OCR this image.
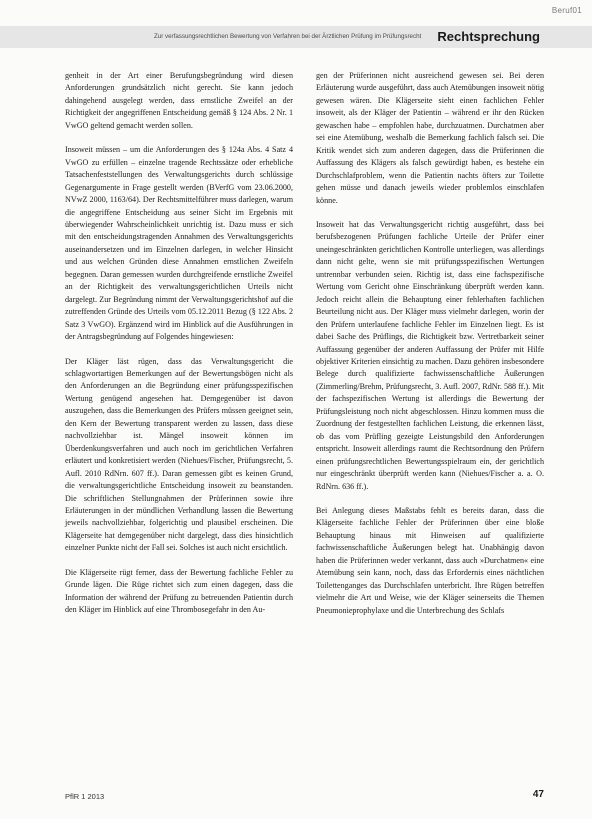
Beruf01
Zur verfassungsrechtlichen Bewertung von Verfahren bei der Ärztlichen Prüfung im Prüfungsrecht Rechtsprechung

genheit in der Art einer Berufungsbegründung wird diesen Anforderungen grundsätzlich nicht gerecht. Sie kann jedoch dahingehend ausgelegt werden, dass ernstliche Zweifel an der Richtigkeit der angegriffenen Entscheidung gemäß § 124 Abs. 2 Nr. 1 VwGO geltend gemacht werden sollen.

Insoweit müssen – um die Anforderungen des § 124a Abs. 4 Satz 4 VwGO zu erfüllen – einzelne tragende Rechtssätze oder erhebliche Tatsachenfeststellungen des Verwaltungsgerichts durch schlüssige Gegenargumente in Frage gestellt werden (BVerfG vom 23.06.2000, NVwZ 2000, 1163/64). Der Rechtsmittelführer muss darlegen, warum die angegriffene Entscheidung aus seiner Sicht im Ergebnis mit überwiegender Wahrscheinlichkeit unrichtig ist. Dazu muss er sich mit den entscheidungstragenden Annahmen des Verwaltungsgerichts auseinandersetzen und im Einzelnen darlegen, in welcher Hinsicht und aus welchen Gründen diese Annahmen ernstlichen Zweifeln begegnen. Daran gemessen wurden durchgreifende ernstliche Zweifel an der Richtigkeit des verwaltungsgerichtlichen Urteils nicht dargelegt. Zur Begründung nimmt der Verwaltungsgerichtshof auf die zutreffenden Gründe des Urteils vom 05.12.2011 Bezug (§ 122 Abs. 2 Satz 3 VwGO). Ergänzend wird im Hinblick auf die Ausführungen in der Antragsbegründung auf Folgendes hingewiesen:

Der Kläger läst rügen, dass das Verwaltungsgericht die schlagwortartigen Bemerkungen auf der Bewertungsbögen nicht als den Anforderungen an die Begründung einer prüfungsspezifischen Wertung genügend angesehen hat. Demgegenüber ist davon auszugehen, dass die Bemerkungen des Prüfers müssen geeignet sein, den Kern der Bewertung transparent werden zu lassen, dass diese nachvollziehbar ist. Mängel insoweit können im Überdenkungsverfahren und auch noch im gerichtlichen Verfahren erläutert und konkretisiert werden (Niehues/Fischer, Prüfungsrecht, 5. Aufl. 2010 RdNrn. 607 ff.). Daran gemessen gibt es keinen Grund, die verwaltungsgerichtliche Entscheidung insoweit zu beanstanden. Die schriftlichen Stellungnahmen der Prüferinnen sowie ihre Erläuterungen in der mündlichen Verhandlung lassen die Bewertung jeweils nachvollziehbar, folgerichtig und plausibel erscheinen. Die Klägerseite hat demgegenüber nicht dargelegt, dass dies hinsichtlich einzelner Punkte nicht der Fall sei. Solches ist auch nicht ersichtlich.

Die Klägerseite rügt ferner, dass der Bewertung fachliche Fehler zu Grunde lägen. Die Rüge richtet sich zum einen dagegen, dass die Information der während der Prüfung zu betreuenden Patientin durch den Kläger im Hinblick auf eine Thrombosegefahr in den Au-

gen der Prüferinnen nicht ausreichend gewesen sei. Bei deren Erläuterung wurde ausgeführt, dass auch Atemübungen insoweit nötig gewesen wären. Die Klägerseite sieht einen fachlichen Fehler insoweit, als der Kläger der Patientin – während er ihr den Rücken gewaschen habe – empfohlen habe, durchzuatmen. Durchatmen aber sei eine Atemübung, weshalb die Bemerkung fachlich falsch sei. Die Kritik wendet sich zum anderen dagegen, dass die Prüferinnen die Auffassung des Klägers als falsch gewürdigt haben, es bestehe ein Durchschlafproblem, wenn die Patientin nachts öfters zur Toilette gehen müsse und danach jeweils wieder problemlos einschlafen könne.

Insoweit hat das Verwaltungsgericht richtig ausgeführt, dass bei berufsbezogenen Prüfungen fachliche Urteile der Prüfer einer uneingeschränkten gerichtlichen Kontrolle unterliegen, was allerdings dann nicht gelte, wenn sie mit prüfungsspezifischen Wertungen untrennbar verbunden seien. Richtig ist, dass eine fachspezifische Wertung vom Gericht ohne Einschränkung überprüft werden kann. Jedoch reicht allein die Behauptung einer fehlerhaften fachlichen Beurteilung nicht aus. Der Kläger muss vielmehr darlegen, worin der den Prüfern unterlaufene fachliche Fehler im Einzelnen liegt. Es ist dabei Sache des Prüflings, die Richtigkeit bzw. Vertretbarkeit seiner Auffassung gegenüber der anderen Auffassung der Prüfer mit Hilfe objektiver Kriterien einsichtig zu machen. Dazu gehören insbesondere Belege durch qualifizierte fachwissenschaftliche Äußerungen (Zimmerling/Brehm, Prüfungsrecht, 3. Aufl. 2007, RdNr. 588 ff.). Mit der fachspezifischen Wertung ist allerdings die Bewertung der Prüfungsleistung noch nicht abgeschlossen. Hinzu kommen muss die Zuordnung der festgestellten fachlichen Leistung, die erkennen lässt, ob das vom Prüfling gezeigte Leistungsbild den Anforderungen entspricht. Insoweit allerdings raumt die Rechtsordnung den Prüfern einen prüfungsrechtlichen Bewertungsspielraum ein, der gerichtlich nur eingeschränkt überprüft werden kann (Niehues/Fischer a. a. O. RdNrn. 636 ff.).

Bei Anlegung dieses Maßstabs fehlt es bereits daran, dass die Klägerseite fachliche Fehler der Prüferinnen über eine bloße Behauptung hinaus mit Hinweisen auf qualifizierte fachwissenschaftliche Äußerungen belegt hat. Unabhängig davon haben die Prüferinnen weder verkannt, dass auch »Durchatmen« eine Atemübung sein kann, noch, dass das Erfordernis eines nächtlichen Toilettenganges das Durchschlafen unterbricht. Ihre Rügen betreffen vielmehr die Art und Weise, wie der Kläger seinerseits die Themen Pneumonieprophylaxe und die Unterbrechung des Schlafs

PflR 1 2013	47
